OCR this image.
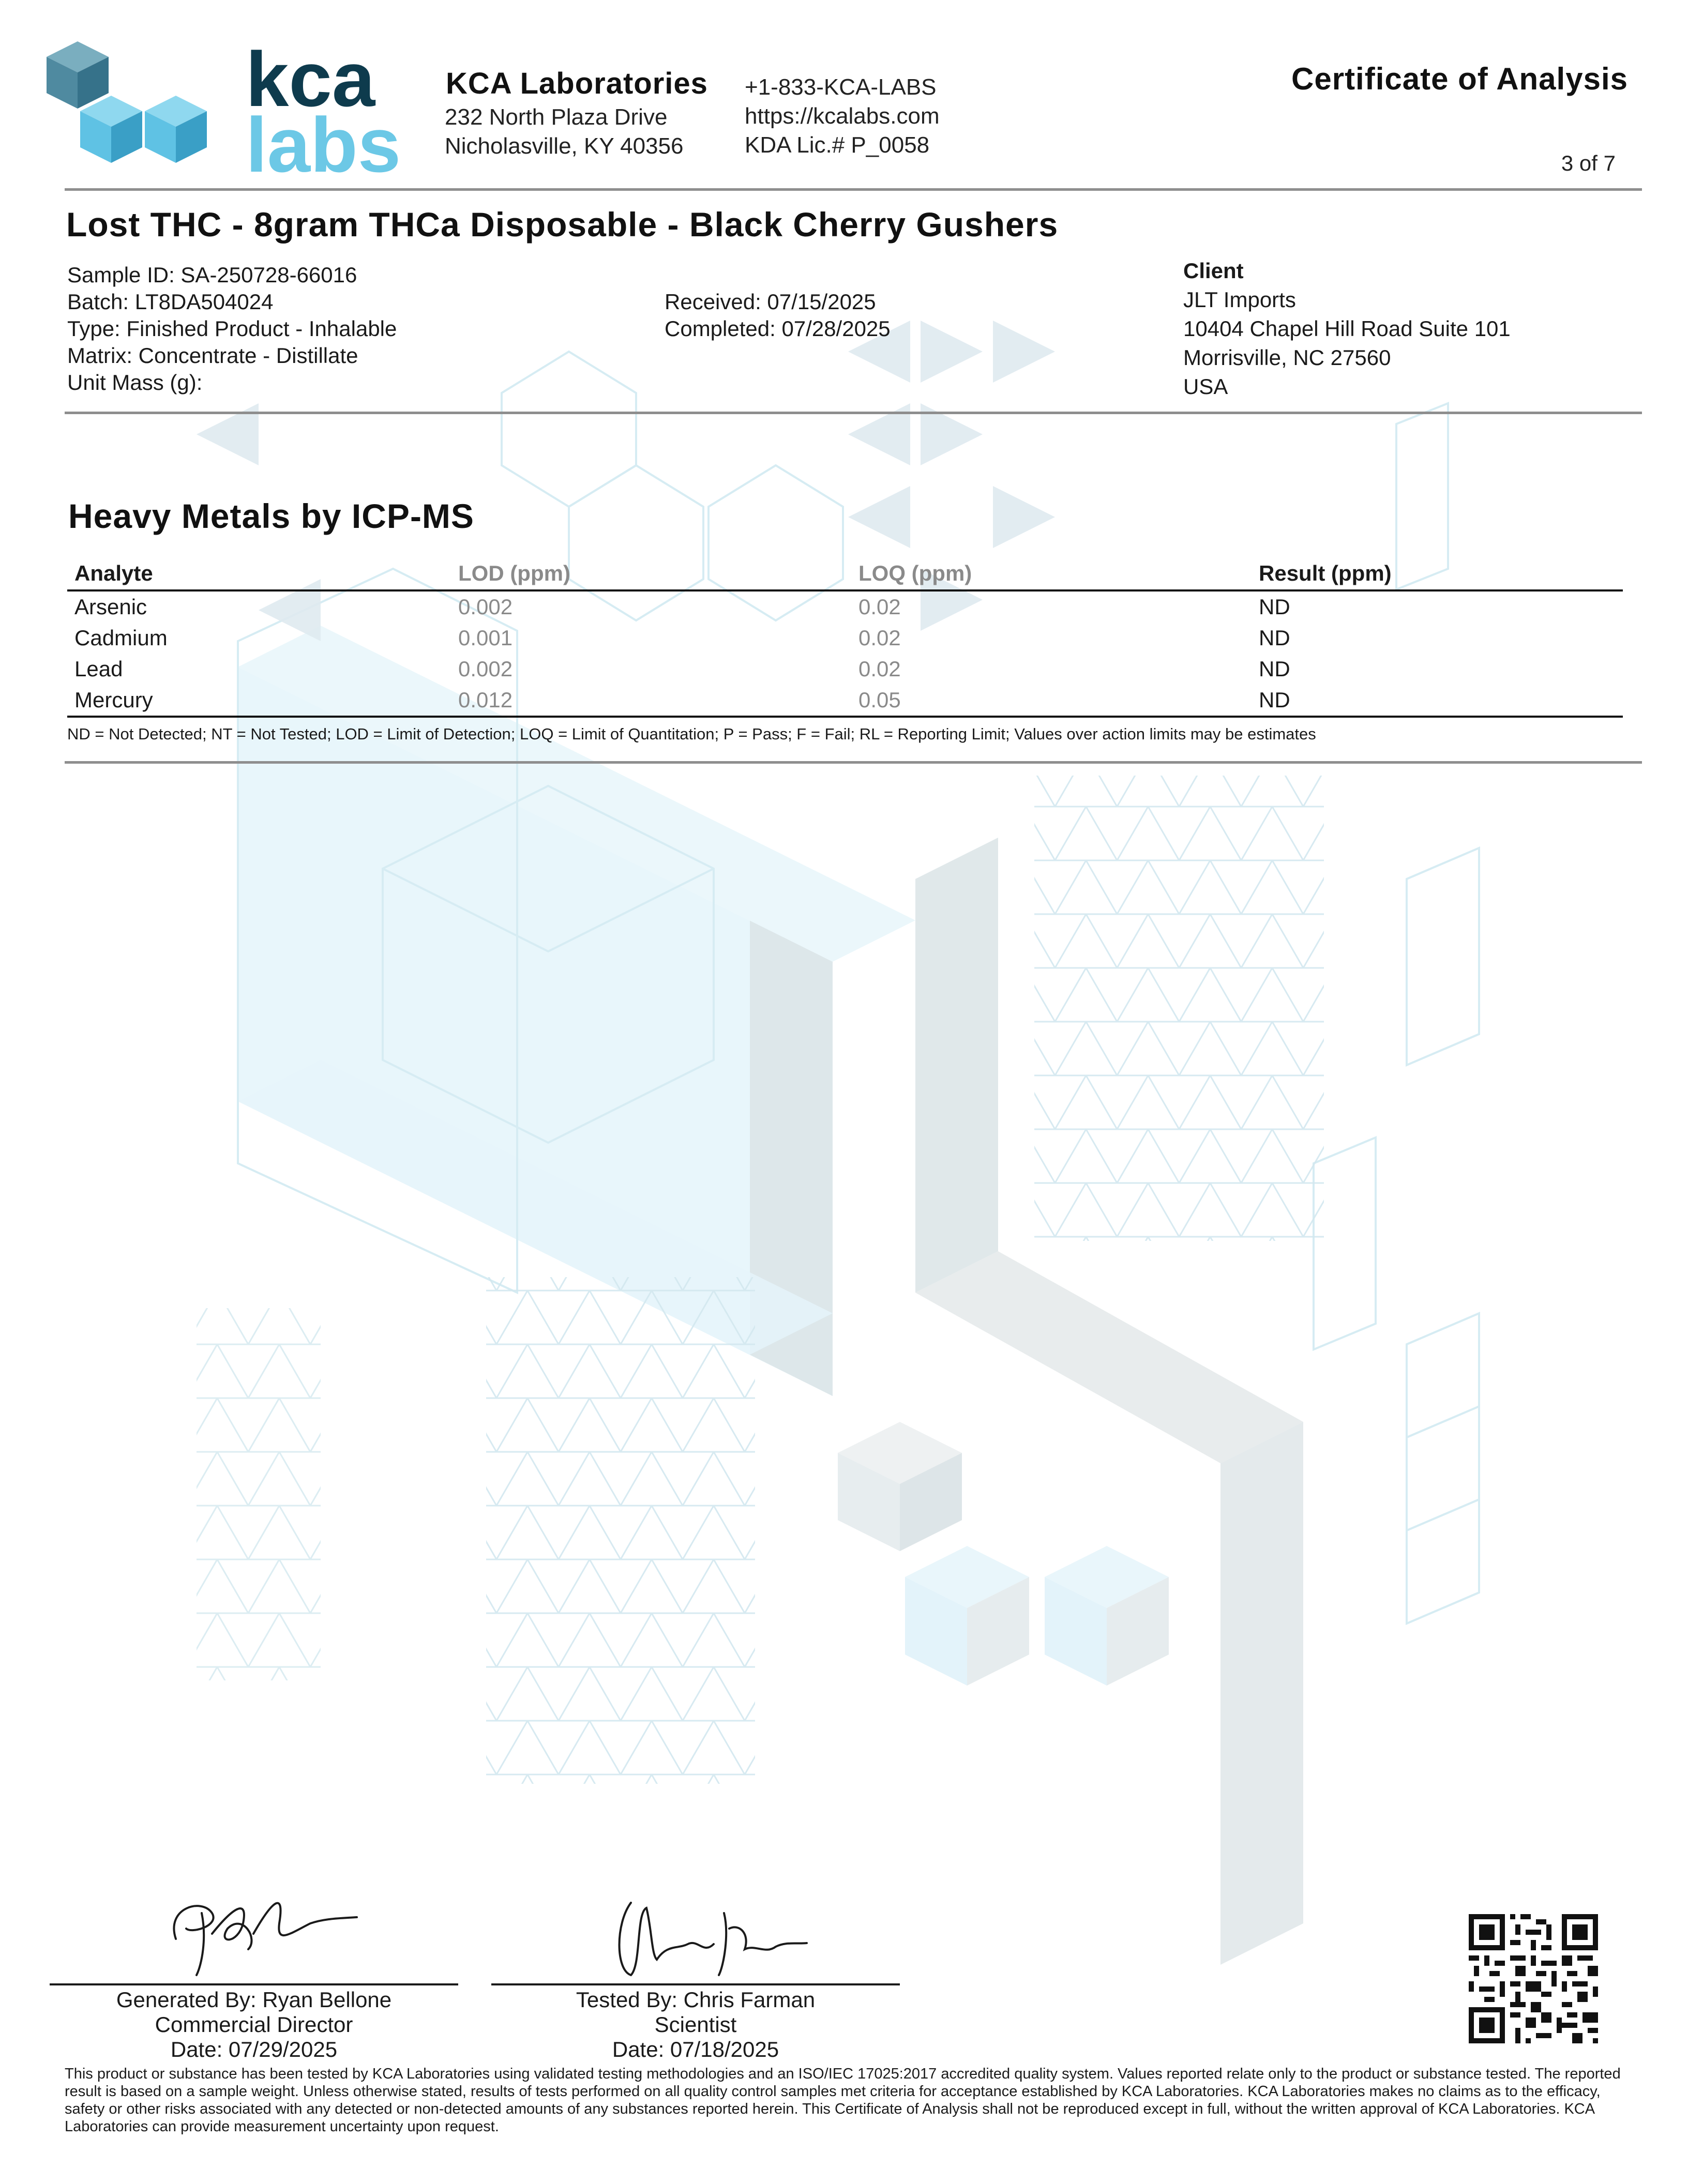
kca
labs
KCA Laboratories
232 North Plaza Drive
Nicholasville, KY 40356
+1-833-KCA-LABS
https://kcalabs.com
KDA Lic.# P_0058
Certificate of Analysis
3 of 7
Lost THC - 8gram THCa Disposable - Black Cherry Gushers
Sample ID: SA-250728-66016
Batch: LT8DA504024
Type: Finished Product - Inhalable
Matrix: Concentrate - Distillate
Unit Mass (g):
Received: 07/15/2025
Completed: 07/28/2025
Client
JLT Imports
10404 Chapel Hill Road Suite 101
Morrisville, NC 27560
USA
Heavy Metals by ICP-MS
Analyte	LOD (ppm)	LOQ (ppm)	Result (ppm)
Arsenic	0.002	0.02	ND
Cadmium	0.001	0.02	ND
Lead	0.002	0.02	ND
Mercury	0.012	0.05	ND
ND = Not Detected; NT = Not Tested; LOD = Limit of Detection; LOQ = Limit of Quantitation; P = Pass; F = Fail; RL = Reporting Limit; Values over action limits may be estimates
Generated By: Ryan Bellone
Commercial Director
Date: 07/29/2025
Tested By: Chris Farman
Scientist
Date: 07/18/2025
This product or substance has been tested by KCA Laboratories using validated testing methodologies and an ISO/IEC 17025:2017 accredited quality system. Values reported relate only to the product or substance tested. The reported result is based on a sample weight. Unless otherwise stated, results of tests performed on all quality control samples met criteria for acceptance established by KCA Laboratories. KCA Laboratories makes no claims as to the efficacy, safety or other risks associated with any detected or non-detected amounts of any substances reported herein. This Certificate of Analysis shall not be reproduced except in full, without the written approval of KCA Laboratories. KCA Laboratories can provide measurement uncertainty upon request.
